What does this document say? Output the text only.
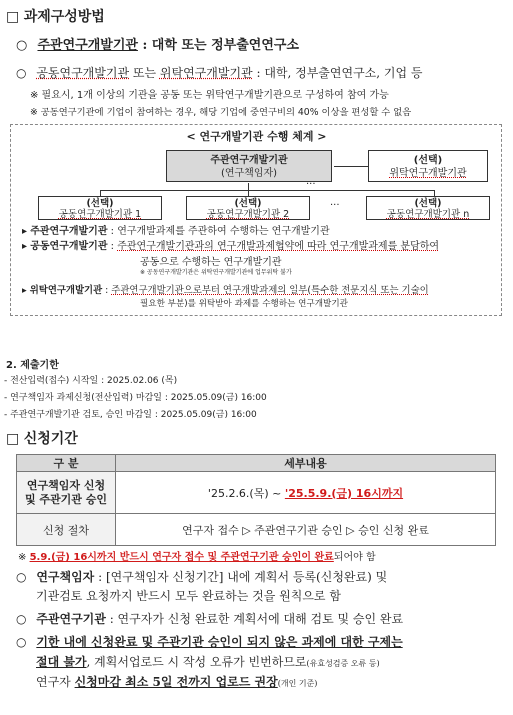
□ 과제구성방법
○ 주관연구개발기관 : 대학 또는 정부출연연구소
○ 공동연구개발기관 또는 위탁연구개발기관 : 대학, 정부출연연구소, 기업 등
※ 필요시, 1개 이상의 기관을 공동 또는 위탁연구개발기관으로 구성하여 참여 가능
※ 공동연구기관에 기업이 참여하는 경우, 해당 기업에 중연구비의 40% 이상을 편성할 수 없음
< 연구개발기관 수행 체계 >
주관연구개발기관
(연구책임자)
(선택)
위탁연구개발기관
···
(선택)
공동연구개발기관 1
(선택)
공동연구개발기관 2
···	(선택)
공동연구개발기관 n
▸ 주관연구개발기관 : 연구개발과제를 주관하여 수행하는 연구개발기관
▸ 공동연구개발기관 : 주관연구개발기관과의 연구개발과제협약에 따라 연구개발과제를 분담하여
공동으로 수행하는 연구개발기관
※ 공동연구개발기관은 위탁연구개발기관에 업무위탁 불가
▸ 위탁연구개발기관 : 주관연구개발기관으로부터 연구개발과제의 일부(특수한 전문지식 또는 기술이
필요한 부분)를 위탁받아 과제를 수행하는 연구개발기관
2. 제출기한
- 전산입력(접수) 시작일 : 2025.02.06 (목)
- 연구책임자 과제신청(전산입력) 마감일 : 2025.05.09(금) 16:00
- 주관연구개발기관 검토, 승인 마감일 : 2025.05.09(금) 16:00
□ 신청기간
구 분	세부내용

연구책임자 신청
및 주관기관 승인	'25.2.6.(목) ~ '25.5.9.(금) 16시까지
신청 절차	연구자 접수 ▷ 주관연구기관 승인 ▷ 승인 신청 완료
※ 5.9.(금) 16시까지 반드시 연구자 접수 및 주관연구기관 승인이 완료되어야 함
○ 연구책임자 : [연구책임자 신청기간] 내에 계획서 등록(신청완료) 및
기관검토 요청까지 반드시 모두 완료하는 것을 원칙으로 함
○ 주관연구기관 : 연구자가 신청 완료한 계획서에 대해 검토 및 승인 완료
○ 기한 내에 신청완료 및 주관기관 승인이 되지 않은 과제에 대한 구제는
절대 불가, 계획서업로드 시 작성 오류가 빈번하므로(유효성검증 오류 등)
연구자 신청마감 최소 5일 전까지 업로드 권장(개인 기준)
